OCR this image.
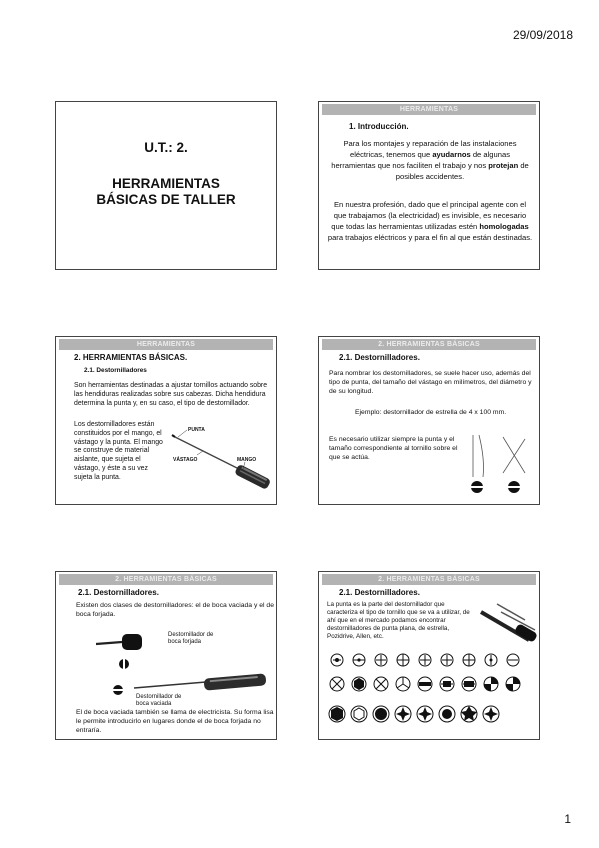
29/09/2018
U.T.: 2.
HERRAMIENTAS
BÁSICAS DE TALLER
HERRAMIENTAS
1. Introducción.
Para los montajes y reparación de las instalaciones eléctricas, tenemos que ayudarnos de algunas herramientas que nos faciliten el trabajo y nos protejan de posibles accidentes.
En nuestra profesión, dado que el principal agente con el que trabajamos (la electricidad) es invisible, es necesario que todas las herramientas utilizadas estén homologadas para trabajos eléctricos y para el fin al que están destinadas.
HERRAMIENTAS
2. HERRAMIENTAS BÁSICAS.
2.1. Destornilladores
Son herramientas destinadas a ajustar tornillos actuando sobre las hendiduras realizadas sobre sus cabezas. Dicha hendidura determina la punta y, en su caso, el tipo de destornillador.
Los destornilladores están constituidos por el mango, el vástago y la punta. El mango se construye de material aislante, que sujeta el vástago, y éste a su vez sujeta la punta.
PUNTA
VÁSTAGO	MANGO
2. HERRAMIENTAS BÁSICAS
2.1. Destornilladores.
Para nombrar los destornilladores, se suele hacer uso, además del tipo de punta, del tamaño del vástago en milímetros, del diámetro y de su longitud.
Ejemplo: destornillador de estrella de 4 x 100 mm.
Es necesario utilizar siempre la punta y el tamaño correspondiente al tornillo sobre el que se actúa.
2. HERRAMIENTAS BÁSICAS
2.1. Destornilladores.
Existen dos clases de destornilladores: el de boca vaciada y el de boca forjada.
Destornillador de boca forjada
Destornillador de boca vaciada
El de boca vaciada también se llama de electricista. Su forma lisa le permite introducirlo en lugares donde el de boca forjada no entraría.
2. HERRAMIENTAS BÁSICAS
2.1. Destornilladores.
La punta es la parte del destornillador que caracteriza el tipo de tornillo que se va a utilizar, de ahí que en el mercado podamos encontrar destornilladores de punta plana, de estrella, Pozidrive, Allen, etc.
1
